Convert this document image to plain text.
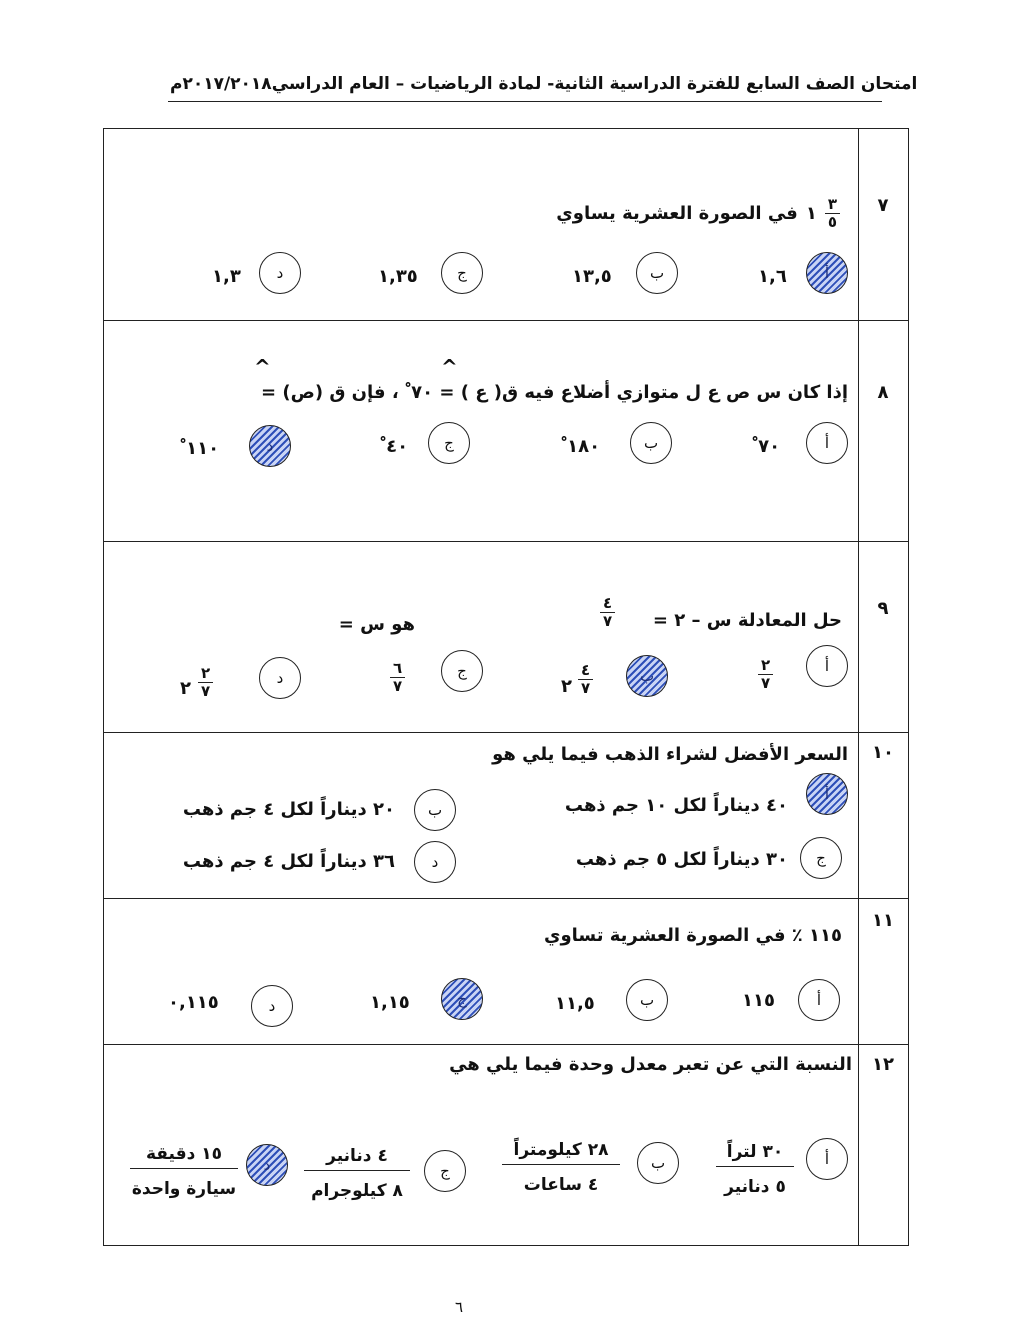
امتحان الصف السابع للفترة الدراسية الثانية- لمادة الرياضيات – العام الدراسي٢٠١٧/٢٠١٨م
٧
$\frac{٣}{٥}$
١
في الصورة العشرية يساوي
أ
١,٦
ب
١٣,٥
ج
١,٣٥
د
١,٣
٨
^	^
إذا كان س ص ع ل متوازي أضلاع فيه ق( ع ) = ٧٠ ْ ، فإن ق (ص) =
أ
٧٠ ْ
ب
١٨٠ ْ
ج
٤٠ ْ
د
١١٠ ْ
٩
حل المعادلة س – ٢ =
٤
٧
هو س =
أ
٢
٧
ب
٤
٧
٢
ج
٦
٧
د
٢
٧
٢
١٠
السعر الأفضل لشراء الذهب فيما يلي هو
أ
٤٠ ديناراً لكل ١٠ جم ذهب
ب
٢٠ ديناراً لكل ٤ جم ذهب
ج
٣٠ ديناراً لكل ٥ جم ذهب
د
٣٦ ديناراً لكل ٤ جم ذهب
١١
١١٥ ٪ في الصورة العشرية تساوي
أ
١١٥
ب
١١,٥
ج
١,١٥
د
٠,١١٥
١٢
النسبة التي عن تعبر معدل وحدة فيما يلي هي
أ
٣٠ لتراً
٥ دنانير
ب
٢٨ كيلومتراً
٤ ساعات
ج
٤ دنانير
٨ كيلوجرام
د
١٥ دقيقة
سيارة واحدة
٦
